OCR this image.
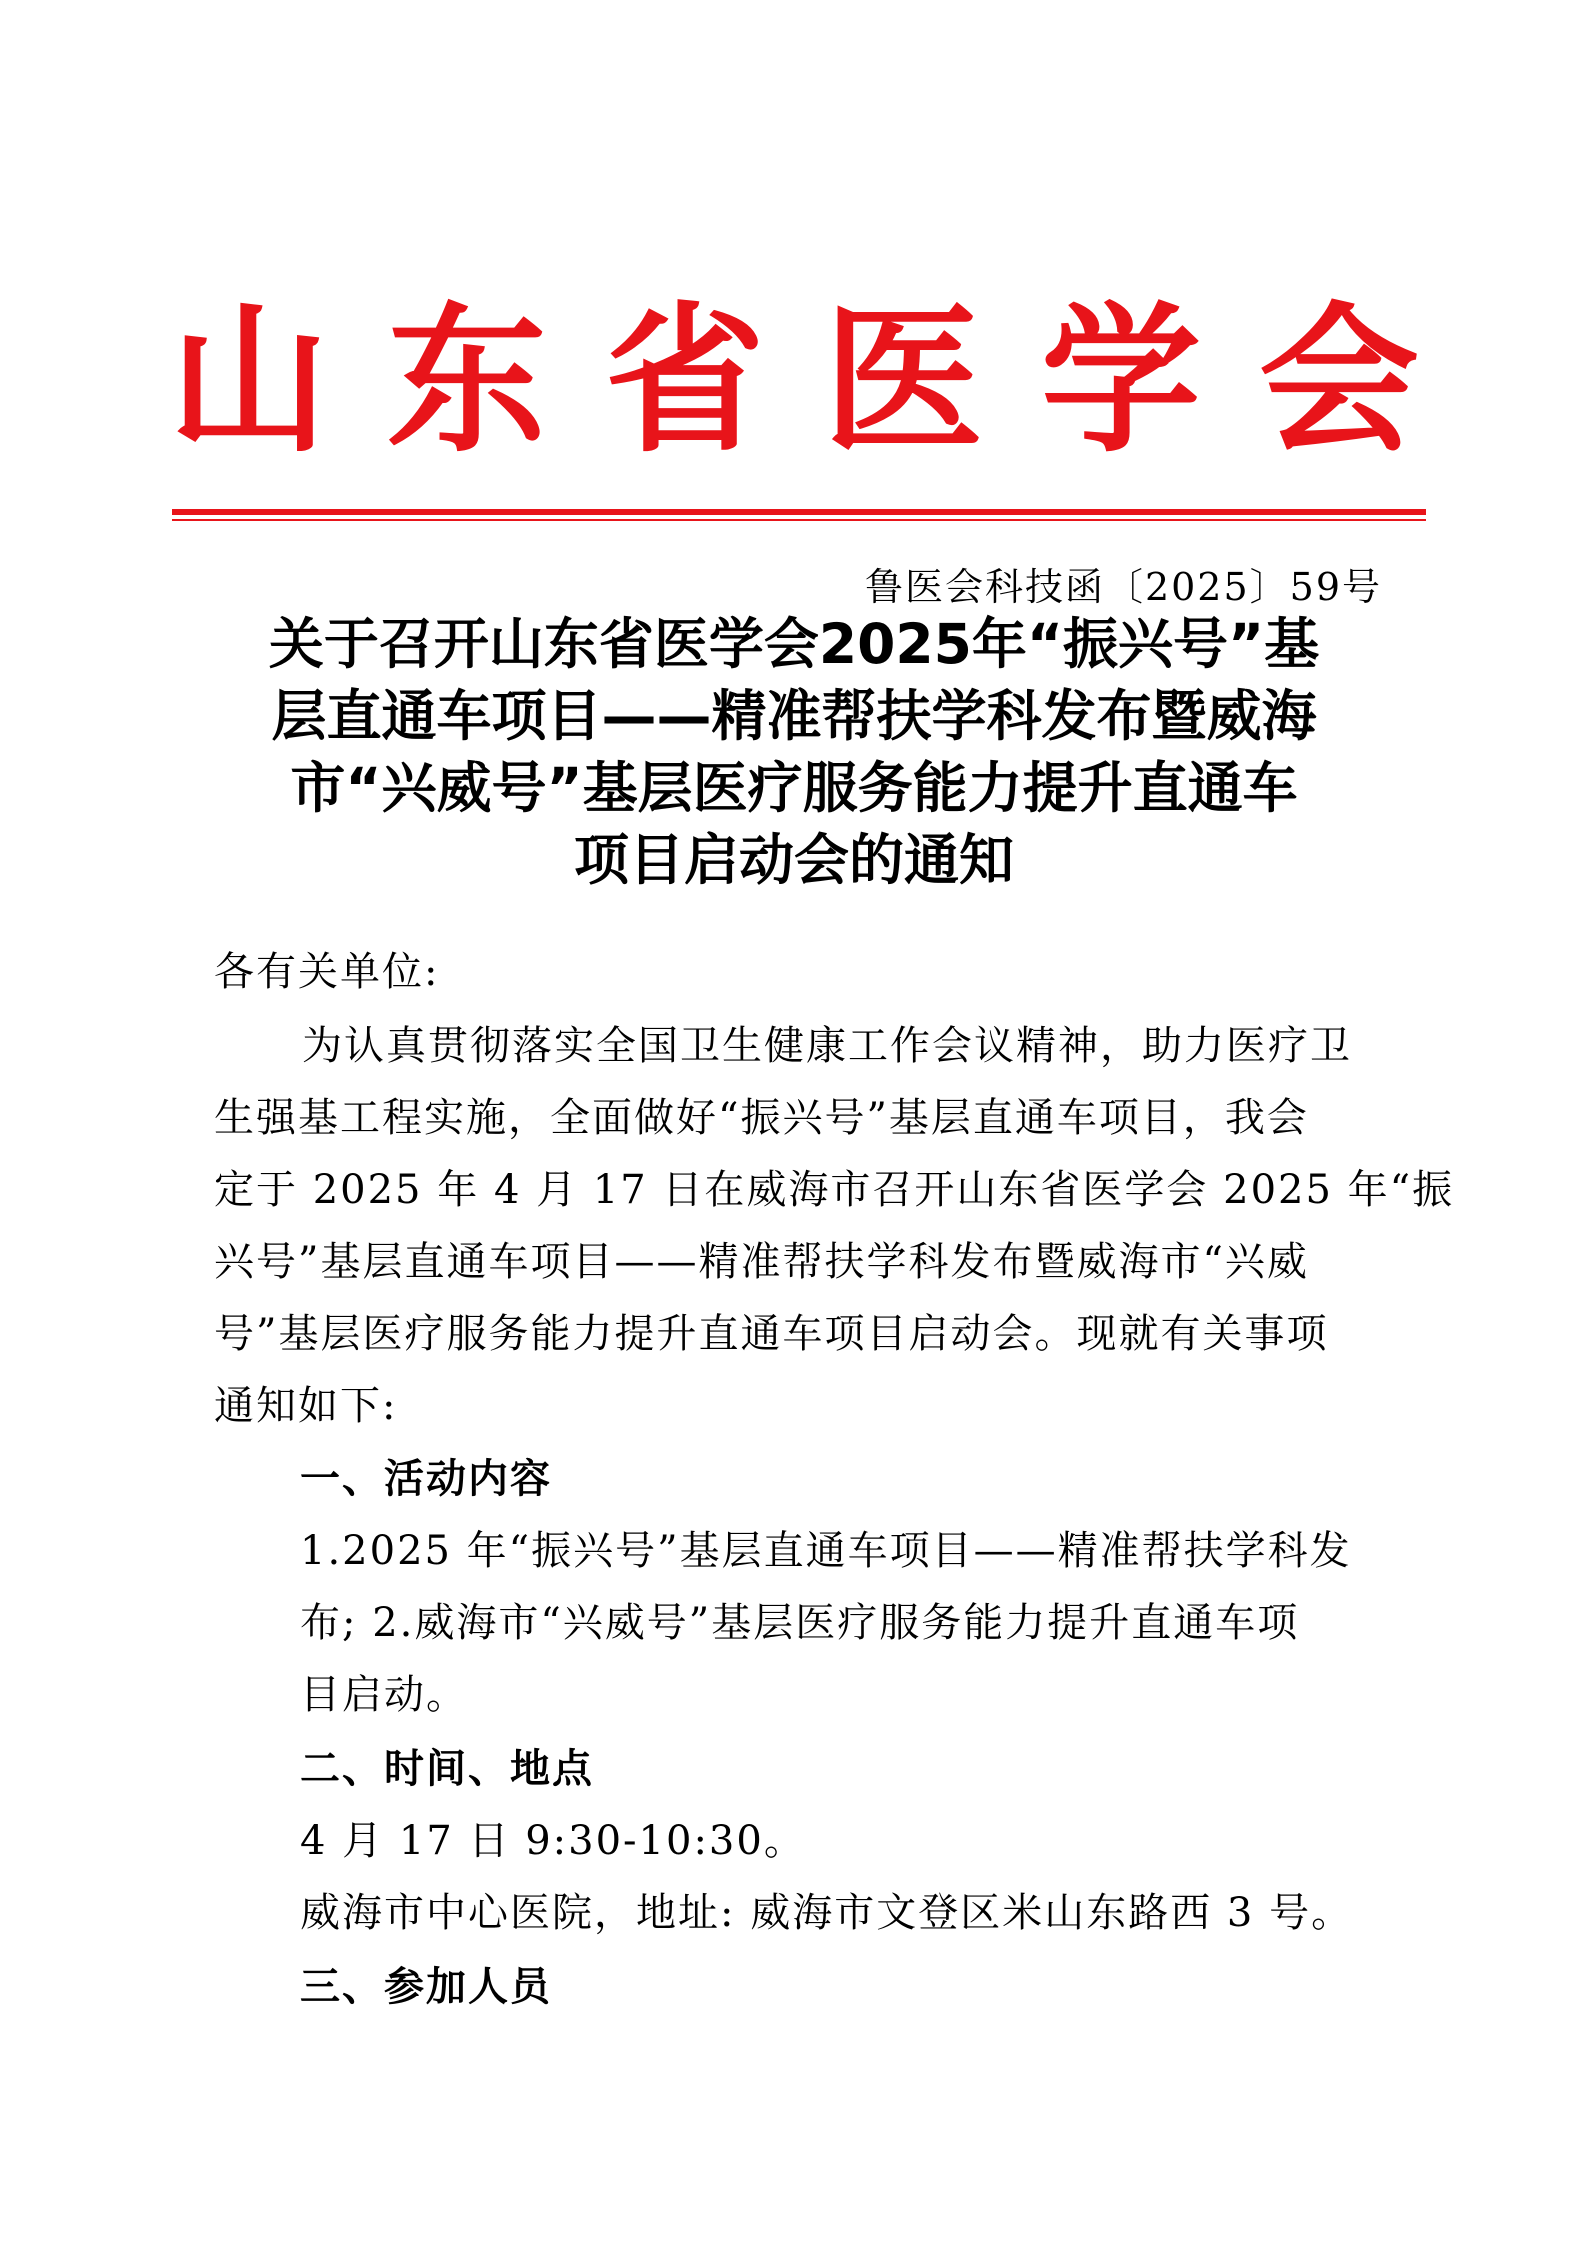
山东省医学会
鲁医会科技函〔2025〕59号
关于召开山东省医学会2025年“振兴号”基
层直通车项目——精准帮扶学科发布暨威海
市“兴威号”基层医疗服务能力提升直通车
项目启动会的通知
各有关单位:
为认真贯彻落实全国卫生健康工作会议精神，助力医疗卫
生强基工程实施，全面做好“振兴号”基层直通车项目，我会
定于 2025 年 4 月 17 日在威海市召开山东省医学会 2025 年“振
兴号”基层直通车项目——精准帮扶学科发布暨威海市“兴威
号”基层医疗服务能力提升直通车项目启动会。现就有关事项
通知如下:
一、活动内容
1.2025 年“振兴号”基层直通车项目——精准帮扶学科发
布; 2.威海市“兴威号”基层医疗服务能力提升直通车项
目启动。
二、时间、地点
4 月 17 日 9:30-10:30。
威海市中心医院，地址: 威海市文登区米山东路西 3 号。
三、参加人员
